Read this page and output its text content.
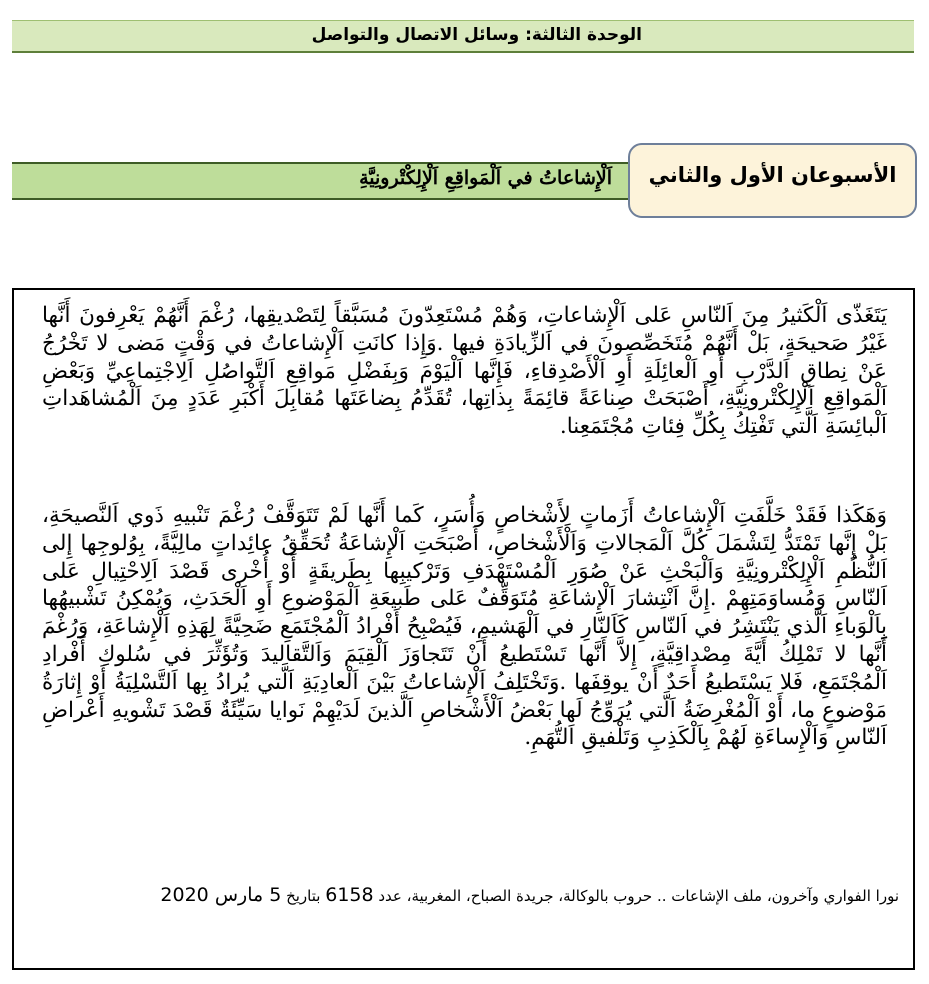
الوحدة الثالثة: وسائل الاتصال والتواصل

اَلْإِشاعاتُ في اَلْمَواقِعِ اَلْإِلِكْتْرونِيَّةِ	الأسبوعان الأول والثاني

يَتَغَذّى اَلْكَثيرُ مِنَ اَلنّاسِ عَلى اَلْإِشاعاتِ، وَهُمْ مُسْتَعِدّونَ مُسَبَّقاً لِتَصْديقِها، رُغْمَ أَنَّهُمْ يَعْرِفونَ أَنَّها غَيْرُ صَحيحَةٍ، بَلْ أَنَّهُمْ مُتَخَصِّصونَ في اَلزِّيادَةِ فيها .وَإِذا كانَتِ اَلْإِشاعاتُ في وَقْتٍ مَضى لا تَخْرُجُ عَنْ نِطاقِ اَلدَّرْبِ أَوِ اَلْعائِلَةِ أَوِ اَلْأَصْدِقاءِ، فَإِنَّها اَلْيَوْمَ وَبِفَضْلِ مَواقِعِ اَلتَّواصُلِ اَلِاجْتِماعِيِّ وَبَعْضِ اَلْمَواقِعِ اَلْإِلِكْتْرونِيَّةِ، أَصْبَحَتْ صِناعَةً قائِمَةً بِذاتِها، تُقَدِّمُ بِضاعَتَها مُقابِلَ أَكْبَرِ عَدَدٍ مِنَ اَلْمُشاهَداتِ اَلْبائِسَةِ اَلَّتي تَفْتِكُ بِكُلِّ فِئاتِ مُجْتَمَعِنا.

وَهَكَذا فَقَدْ خَلَّفَتِ اَلْإِشاعاتُ أَزَماتٍ لِأَشْخاصٍ وَأُسَرٍ، كَما أَنَّها لَمْ تَتَوَقَّفْ رُغْمَ تَنْبيهِ ذَوي اَلنَّصيحَةِ، بَلْ إِنَّها تَمْتَدُّ لِتَشْمَلَ كُلَّ اَلْمَجالاتِ وَاَلْأَشْخاصِ، أَصْبَحَتِ اَلْإِشاعَةُ تُحَقِّقُ عائِداتٍ مالِيَّةً، بِوُلوجِها إِلى اَلنُّظُمِ اَلْإِلِكْتْرونِيَّةِ وَاَلْبَحْثِ عَنْ صُوَرِ اَلْمُسْتَهْدَفِ وَتَرْكيبِها بِطَريقَةٍ أَوْ أُخْرى قَصْدَ اَلِاحْتِيالِ عَلى اَلنّاسِ وَمُساوَمَتِهِمْ .إِنَّ اَنْتِشارَ اَلْإِشاعَةِ مُتَوَقِّفٌ عَلى طَبيعَةِ اَلْمَوْضوعِ أَوِ اَلْحَدَثِ، وَيُمْكِنُ تَشْبيهُها بِاَلْوَباءِ اَلَّذي يَنْتَشِرُ في اَلنّاسِ كَاَلنّارِ في اَلْهَشيمِ، فَيُصْبِحُ أَفْرادُ اَلْمُجْتَمَعِ ضَحِيَّةً لِهَذِهِ اَلْإِشاعَةِ، وَرُغْمَ أَنَّها لا تَمْلِكُ أَيَّةَ مِصْداقِيَّةٍ، إِلاَّ أَنَّها تَسْتَطيعُ أَنْ تَتَجاوَزَ اَلْقِيَمَ وَاَلتَّقاليدَ وَتُؤَثِّرَ في سُلوكِ أَفْرادِ اَلْمُجْتَمَعِ، فَلا يَسْتَطيعُ أَحَدٌ أَنْ يوقِفَها .وَتَخْتَلِفُ اَلْإِشاعاتُ بَيْنَ اَلْعادِيَةِ اَلَّتي يُرادُ بِها اَلتَّسْلِيَةُ أَوْ إِثارَةُ مَوْضوعٍ ما، أَوْ اَلْمُغْرِضَةُ اَلَّتي يُرَوِّجُ لَها بَعْضُ اَلْأَشْخاصِ اَلَّذينَ لَدَيْهِمْ نَوايا سَيِّئَةٌ قَصْدَ تَشْويهِ أَعْراضِ اَلنّاسِ وَاَلْإِساءَةِ لَهُمْ بِاَلْكَذِبِ وَتَلْفيقِ اَلتُّهَمِ.

نورا الفواري وآخرون، ملف الإشاعات .. حروب بالوكالة، جريدة الصباح، المغربية، عدد 6158 بتاريخ 5 مارس 2020
